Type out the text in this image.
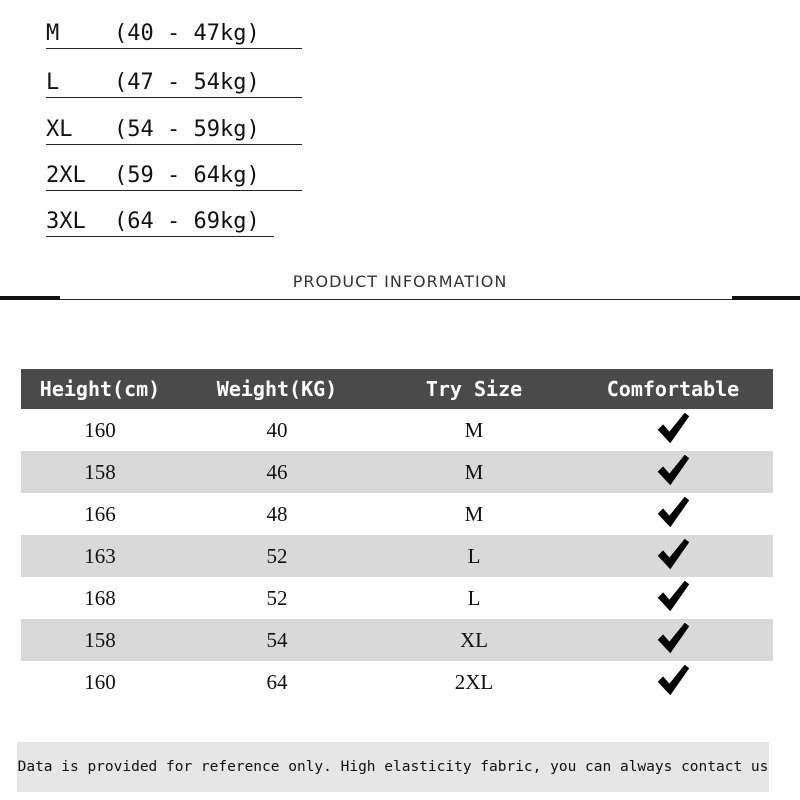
M	(40 - 47kg)
L	(47 - 54kg)
XL	(54 - 59kg)
2XL	(59 - 64kg)
3XL	(64 - 69kg)
PRODUCT INFORMATION
Height(cm)	Weight(KG)	Try Size	Comfortable
160	40	M
158	46	M
166	48	M
163	52	L
168	52	L
158	54	XL
160	64	2XL
Data is provided for reference only. High elasticity fabric, you can always contact us
